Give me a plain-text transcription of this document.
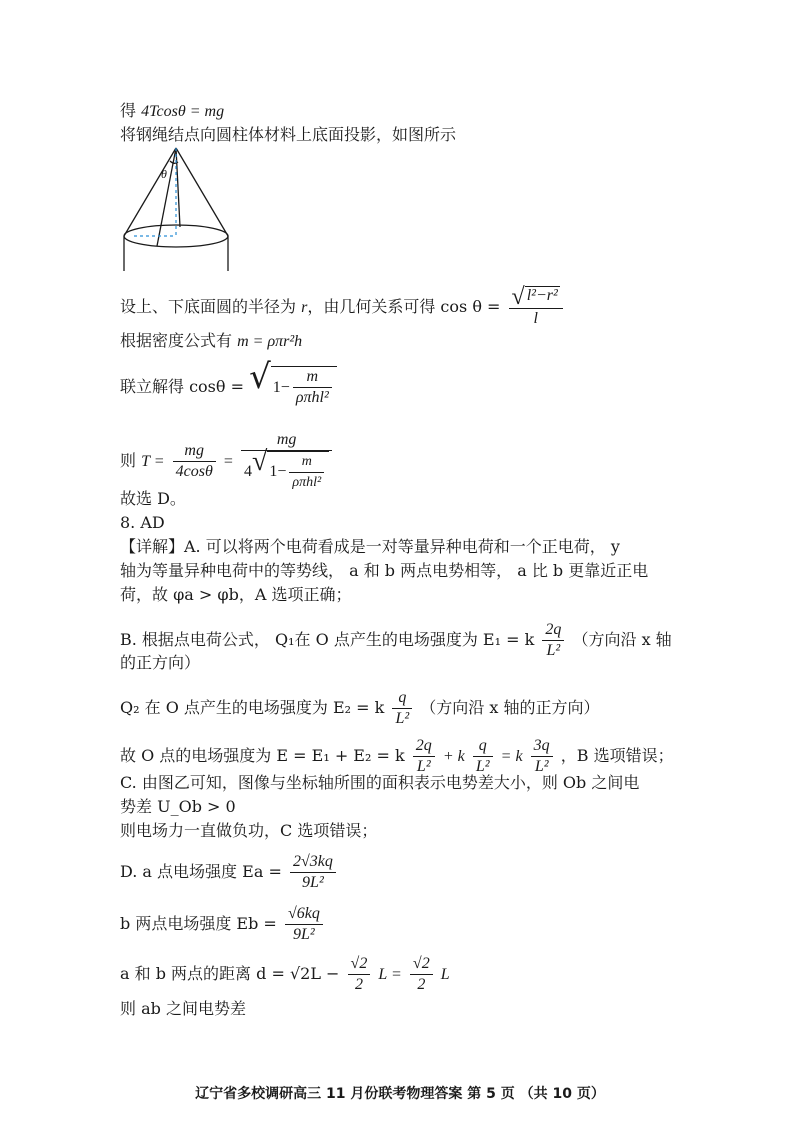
得 4Tcosθ = mg
将钢绳结点向圆柱体材料上底面投影，如图所示
θ
设上、下底面圆的半径为 r，由几何关系可得 $\cos \theta = \frac{\text{√ l²−r²}}{l}$
根据密度公式有 m = ρπr²h
联立解得 cosθ = √ $1- \frac{m}{\text{ρπhl²}}$
则 $T = \frac{mg}{4\cos\theta} = \frac{mg}{4√ 1- \frac{m}{\text{ρπhl²}}}$
故选 D。
8. AD
【详解】A. 可以将两个电荷看成是一对等量异种电荷和一个正电荷， y
轴为等量异种电荷中的等势线， a 和 b 两点电势相等， a 比 b 更靠近正电
荷，故 φa > φb，A 选项正确；
B. 根据点电荷公式， Q₁在 O 点产生的电场强度为 E₁ = k $\frac{2q}{\text{L²}}$ （方向沿 x 轴
的正方向）
Q₂ 在 O 点产生的电场强度为 E₂ = k $\frac{q}{\text{L²}}$ （方向沿 x 轴的正方向）
故 O 点的电场强度为 E = E₁ + E₂ = k $\frac{2q}{\text{L²}} + k \frac{q}{\text{L²}} = k \frac{3q}{\text{L²}}$ ，B 选项错误；
C. 由图乙可知，图像与坐标轴所围的面积表示电势差大小，则 Ob 之间电
势差 U_Ob > 0
则电场力一直做负功，C 选项错误；
D. a 点电场强度 $Ea = \frac{2√3kq}{\text{9L²}}$
b 两点电场强度 $Eb = \frac{√6kq}{\text{9L²}}$
a 和 b 两点的距离 $d = √2L - \frac{√2}{2}$ $L = \frac{√2}{2}$ L
则 ab 之间电势差
辽宁省多校调研高三 11 月份联考物理答案 第 5 页 （共 10 页）
